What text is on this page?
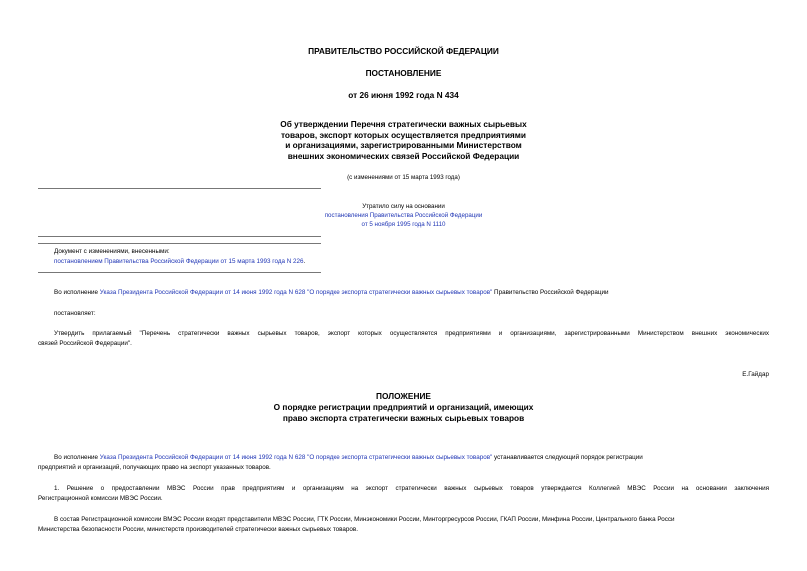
ПРАВИТЕЛЬСТВО РОССИЙСКОЙ ФЕДЕРАЦИИ
ПОСТАНОВЛЕНИЕ
от 26 июня 1992 года N 434
Об утверждении Перечня стратегически важных сырьевых
товаров, экспорт которых осуществляется предприятиями
и организациями, зарегистрированными Министерством
внешних экономических связей Российской Федерации
(с изменениями от 15 марта 1993 года)
Утратило силу на основании
постановления Правительства Российской Федерации
от 5 ноября 1995 года N 1110
Документ с изменениями, внесенными:
постановлением Правительства Российской Федерации от 15 марта 1993 года N 226.
Во исполнение Указа Президента Российской Федерации от 14 июня 1992 года N 628 "О порядке экспорта стратегически важных сырьевых товаров" Правительство Российской Федерации
постановляет:
Утвердить прилагаемый "Перечень стратегически важных сырьевых товаров, экспорт которых осуществляется предприятиями и организациями, зарегистрированными Министерством внешних экономических
связей Российской Федерации".
Е.Гайдар
ПОЛОЖЕНИЕ
О порядке регистрации предприятий и организаций, имеющих
право экспорта стратегически важных сырьевых товаров
Во исполнение Указа Президента Российской Федерации от 14 июня 1992 года N 628 "О порядке экспорта стратегически важных сырьевых товаров" устанавливается следующий порядок регистрации
предприятий и организаций, получающих право на экспорт указанных товаров.
1. Решение о предоставлении МВЭС России прав предприятиям и организациям на экспорт стратегически важных сырьевых товаров утверждается Коллегией МВЭС России на основании заключения
Регистрационной комиссии МВЭС России.
В состав Регистрационной комиссии ВМЭС России входят представители МВЭС России, ГТК России, Минэкономики России, Минторгресурсов России, ГКАП России, Минфина России, Центрального банка Росси
Министерства безопасности России, министерств производителей стратегически важных сырьевых товаров.
